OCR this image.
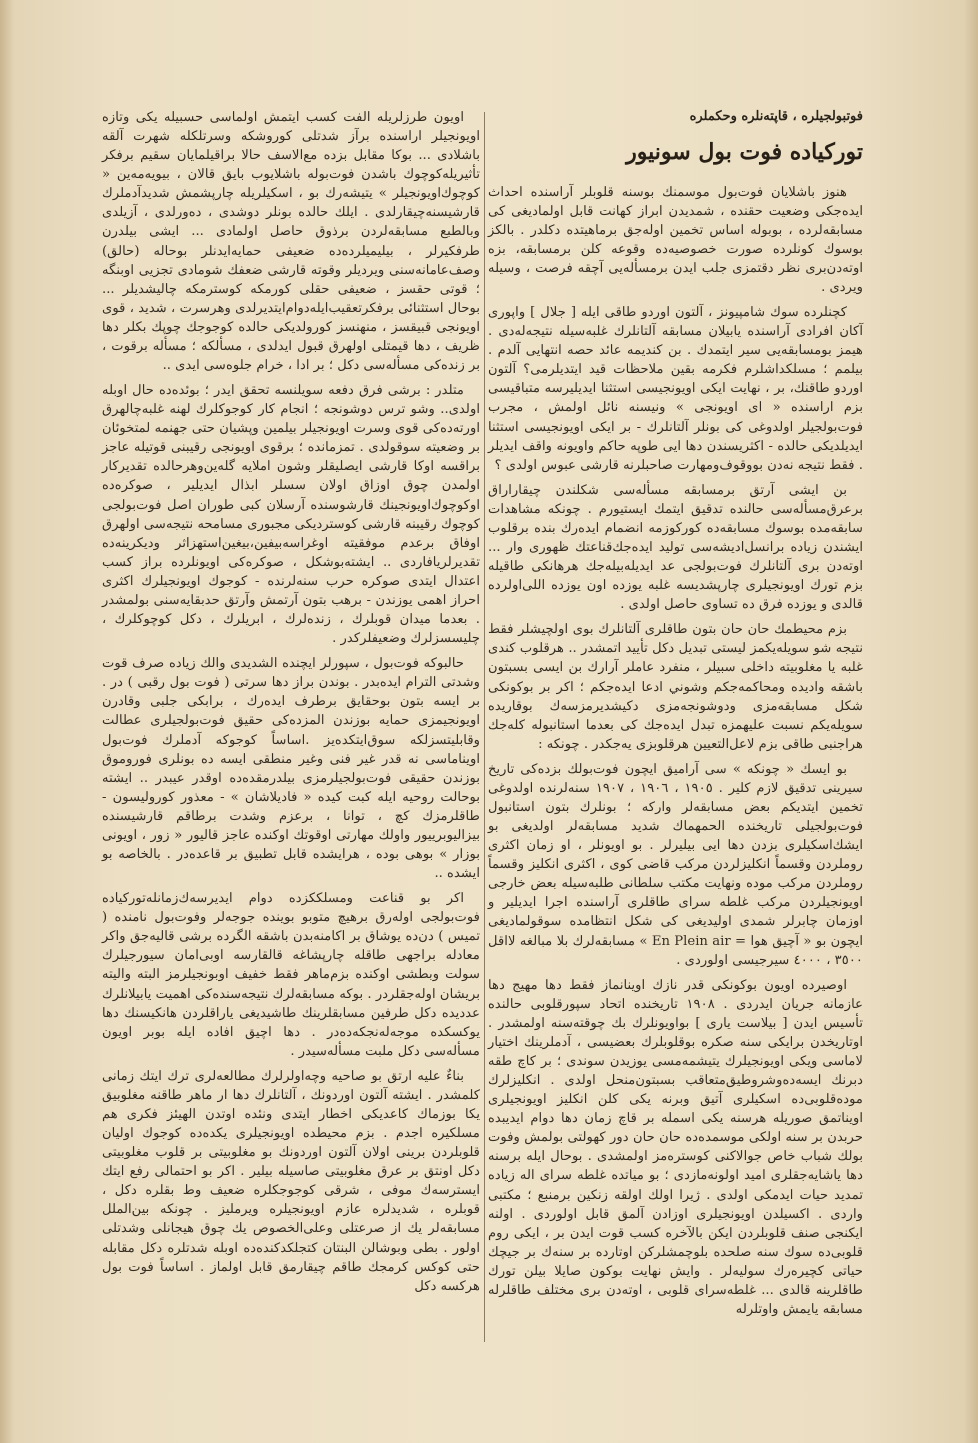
فوتبولجيلره ، قاپته‌نلره وحكملره
توركياده فوت بول سونيور

هنوز باشلايان فوت‌بول موسمنك بوسنه قلوبلر آراسنده احداث ايده‌جكى وضعيت حقنده ، شمديدن ابراز كهانت قابل اولماديغى كى مسابقه‌لرده ، بوبوله اساس تخمين اوله‌جق برماهيتده دكلدر . بالكز بوسوك كونلرده صورت خصوصيه‌ده وقوعه كلن برمسابقه، بزه اوته‌دن‌برى نظر دقتمزى جلب ايدن برمسأله‌يى آچقه فرصت ، وسيله ويردى .

كچنلرده سوك شامپيونز ، آلتون اوردو طاقى ايله [ جلال ] واپورى آكان افرادى آراسنده يابيلان مسابقه آلتانلرك غلبه‌سيله نتيجه‌له‌دى . هيمز بومسابقه‌يى سير ايتمدك . بن كنديمه عائد حصه انتهايى آلدم . بيلمم ؛ مسلكداشلرم فكرمه بقين ملاحظات قيد ايتديلرمى؟ آلتون اوردو طاقنك، بر ، نهايت ايكى اويونجيسى استثنا ايديليرسه متباقيسى بزم اراسنده « اى اويونجى » ونيسنه نائل اولمش ، مجرب فوت‌بولجيلر اولدوغى كى بونلر آلتانلرك - بر ايكى اويونجيسى استثنا ايديلديكى حالده - اكثريسندن دها ايى طوپه حاكم واويونه واقف ايديلر . فقط نتيجه نه‌دن بووقوف‌ومهارت صاحبلرنه قارشى عبوس اولدى ؟

بن ايشى آرتق برمسابقه مسأله‌سى شكلندن چيقاراراق برعرق‌مسأله‌سى حالنده تدقيق ايتمك ايستيورم . چونكه مشاهدات سابقه‌مده بوسوك مسابقه‌ده كوركوزمه انضمام ايده‌رك بنده برقلوب ايشندن زياده برانسل‌اديشه‌سى توليد ايده‌جك‌قناعتك ظهورى وار ... اوته‌دن برى آلتانلرك فوت‌بولجى عد ايديله‌بيله‌جك هرهانكى طاقيله بزم تورك اويونجيلرى چارپشديسه غلبه يوزده اون يوزده اللى‌اولرده قالدى و يوزده فرق ده تساوى حاصل اولدى .

بزم محيطمك حان حان بتون طاقلرى آلتانلرك بوى اولچيشلر فقط نتيجه شو سويله‌يكمز ليستى تبديل دكل تأييد اتمشدر .. هرقلوب كندى غلبه يا مغلوبيته داخلى سبيلر ، منفرد عاملر آرارك بن ايسى بسبتون باشقه واديده ومحاكمه‌جكم وشوني ادعا ايده‌جكم ؛ اكر بر بوكونكى شكل مسابقه‌مزى ودوشونجه‌مزى دكيشديرمزسه‌ك بوقاريده سويله‌يكم نسبت عليهمزه تبدل ايده‌جك كى بعدما استانبوله كله‌جك هراجنبى طاقى بزم لاعل‌التعيين هرقلوبزى يه‌جكدر . چونكه :

بو ايسك « چونكه » سى آراميق ايچون فوت‌بولك بزده‌كى تاريخ سيرينى تدقيق لازم كلير . ١٩٠٥ ، ١٩٠٦ ، ١٩٠٧ سنه‌لرنده اولدوغى تخمين ايتديكم بعض مسابقه‌لر واركه ؛ بونلرك بتون استانبول فوت‌بولجيلى تاريخنده الحمهماك شديد مسابقه‌لر اولديغى بو ايشك‌اسكيلرى بزدن دها ايى بيليرلر . بو اويونلر ، او زمان اكثرى روملردن وقسماً انكليزلردن مركب قاضى كوى ، اكثرى انكليز وقسماً روملردن مركب موده ونهايت مكتب سلطانى طلبه‌سيله بعض خارجى اويونجيلردن مركب غلطه سراى طاقلرى آراسنده اجرا ايديلير و اوزمان چابرلر شمدى اوليديغى كى شكل انتظامده سوقولماديغى ايچون بو « آچيق هوا = En Plein air » مسابقه‌لرك بلا مبالغه لااقل ٣٥٠٠ ، ٤٠٠٠ سيرجيسى اولوردى .

اوصيرده اويون بوكونكى قدر نازك اوينانماز فقط دها مهيج دها عازمانه جريان ايدردى . ١٩٠٨ تاريخنده اتحاد سپورقلوبى حالنده تأسيس ايدن [ بيلاست يارى ] بواويونلرك بك چوقته‌سنه اولمشدر . اوتاريخدن برايكى سنه صكره بوقلوبلرك بعضيسى ، آدملرينك اختيار لاماسى ويكى اويونجيلرك يتيشمه‌مسى يوزيدن سوندى ؛ بر كاچ طقه دبرنك ايسه‌ده‌وشروطيق‌متعاقب بسبتون‌منحل اولدى . انكليزلرك موده‌قلوبى‌ده اسكيلرى آتيق وبرنه يكى كلن انكليز اويونجيلرى اويناتمق صوريله هرسنه يكى اسمله بر قاچ زمان دها دوام ايديبده حربدن بر سنه اولكى موسمده‌ده حان حان دور كهولتى بولمش وفوت بولك شباب خاص جوالاكنى كوستره‌مز اولمشدى . بوحال ايله برسنه دها ياشايه‌جقلرى اميد اولونه‌مازدى ؛ بو مياتده غلطه سراى اله زياده تمديد حيات ايدمكى اولدى . ژيرا اولك اولقه زنكين برمنبع ؛ مكتبى واردى . اكسيلدن اويونجيلرى اوزادن آلمق قابل اولوردى . اولنه ايكنجى صنف قلوبلردن ايكن بالآخره كسب قوت ايدن بر ، ايكى روم قلوبى‌ده سوك سنه صلحده بلوچمشلركن اوتارده بر سنه‌ك بر جيچك حياتى كچيره‌رك سوليه‌لر . وايش نهايت بوكون صايلا بيلن تورك طاقلرينه قالدى ... غلطه‌سراى قلوبى ، اوته‌دن برى مختلف طاقلرله مسابقه يايمش واوتلرله

اويون طرزلريله الفت كسب ايتمش اولماسى حسبيله يكى وتازه اويونجيلر اراسنده برآز شدتلى كوروشكه وسرتلكله شهرت آلقه باشلادى ... بوكا مقابل بزده مع‌الاسف حالا براقيلمايان سقيم برفكر تأثيريله‌كوچوك باشدن فوت‌بوله باشلايوب بايق قالان ، بيويه‌مه‌ين « كوچوك‌اويونجيلر » يتيشه‌رك بو ، اسكيلريله چارپشمش شديد‌آدملرك قارشيسنه‌چيقارلدى . ايلك حالده بونلر دوشدى ، ده‌ورلدى ، آزيلدى وبالطبع مسابقه‌لردن برذوق حاصل اولمادى ... ايشى بيلدرن طرفكيرلر ، بيليميلرده‌ده ضعيفى حمايه‌ايدنلر بوحاله (حالق) وصف‌عامانه‌سنى ويرديلر وقوته قارشى ضعفك شومادى تجزيى اوبنگه ؛ قوتى حقسز ، ضعيفى حقلى كورمكه كوسترمكه چاليشديلر ... بوحال استثنائى برفكرتعقيب‌ايله‌دوام‌ايتديرلدى وهرسرت ، شديد ، قوى اويونجى قبيقسز ، منهنسز كورولديكى حالده كوجوجك چوپك بكلر دها ظريف ، دها قيمتلى اولهرق قبول ايدلدى ، مسألكه ؛ مسأله برقوت ، بر زنده‌كى مسأله‌سى دكل ؛ بر ادا ، خرام جلوه‌سى ايدى ..

متلدر : برشى فرق دفعه سويلنسه تحقق ايدر ؛ بوئده‌ده حال اوبله اولدى.. وشو ترس دوشونجه ؛ انجام كار كوجوكلرك لهنه غلبه‌چالهرق اورته‌ده‌كى قوى وسرت اويونجيلر بيلمين وپشيان حتى جهنمه لمتخوئان بر وضعيته سوقولدى . تمزمانده ؛ برقوى اويونجى رقيبنى قوتيله عاجز براقسه اوكا قارشى ايصليقلر وشون املايه گله‌ين‌وهرحالده تقديركار اولمدن چوق اوزاق اولان سسلر ابذال ايديلير ، صوكره‌ده اوكوچوك‌اويونجينك قارشوسنده آرسلان كبى طوران اصل فوت‌بولجى كوچوك رقيبنه قارشى كوسترديكى مجبورى مسامحه نتيجه‌سى اولهرق اوفاق برعدم موفقيته اوغراسه‌بيفين،بيغين‌استهزاثر وديكرينه‌ده تقديرلريافاردى .. ايشته‌بوشكل ، صوكره‌كى اويونلرده براز كسب اعتدال ايتدى صوكره حرب سنه‌لرنده - كوجوك اويونجيلرك اكثرى احراز اهمى يوزندن - برهب بتون آرتمش وآرتق حدبقايه‌سنى بولمشدر . بعدما ميدان قوبلرك ، زنده‌لرك ، ابريلرك ، دكل كوچوكلرك ، چليسسزلرك وضعيفلركدر .

حالبوكه فوت‌بول ، سپورلر ايچنده الشديدى والك زياده صرف قوت وشدتى الترام ايده‌بدر . بوندن براز دها سرتى ( فوت بول رقبى ) در . بر ايسه بتون بوحقايق برطرف ايده‌رك ، برابكى جلبى وقادرن اويونجيمزى حمايه بوزندن المزده‌كى حقيق فوت‌بولجيلرى عطالت وقابليتسزلكه سوق‌ايتكده‌يز .اساساً كوجوكه آدملرك فوت‌بول اويناماسى نه قدر غير فنى وغير منطقى ايسه ده بونلرى فوروموق بوزندن حقيقى فوت‌بولجيلرمزى بيلدرمقده‌ده اوقدر عيبدر .. ايشته بوحالت روحيه ايله كبت كيده « فاديلاشان » - معذور كوروليسون - طاقلرمزك كچ ، توانا ، برعزم وشدت برطاقم قارشيسنده بيزاليوبرييور واولك مهارتى اوقوتك اوكنده عاجز قاليور « زور ، اويونى بوزار » بوهى بوده ، هرايشده قابل تطبيق بر قاعده‌در . بالخاصه بو ايشده ..

اكر بو قناعت ومسلككزده دوام ايديرسه‌ك‌زمانله‌توركياده فوت‌بولجى اوله‌رق برهيچ متوبو بوينده جوجه‌لر وفوت‌بول نامنده ( تميس ) دن‌ده يوشاق بر اكامنه‌بدن باشقه الگرده برشى قاليه‌جق واكر معادله براجهى طاقله چارپشاغه قالقارسه اوبى‌امان سيورجيلرك سولت وبطشى اوكنده بزم‌ماهر فقط خفيف اوبونجيلرمز البته واليته بريشان اوله‌جقلردر . بوكه مسابقه‌لرك نتيجه‌سنده‌كى اهميت يابيلانلرك عدديده دكل طرفين مسابقلرينك طاشيديغى ياراقلردن هانكيسنك دها يوكسكده موجه‌له‌نجكه‌ده‌در . دها اچيق افاده ايله بوبر اويون مسأله‌سى دكل ملبت مسأله‌سيدر .

بناءٌ عليه ارتق بو صاحيه وچه‌اولرلرك مطالعه‌لرى ترك ايتك زمانى كلمشدر . ايشته آلتون اوردونك ، آلتانلرك دها ار ماهر طاقنه مغلوبيق يكا بوزماك كاعديكى اخطار ايتدى ونئده اوتدن الهيئز فكرى هم مسلكيره اجدم . بزم محيطده اويونجيلرى يكده‌ده كوجوك اوليان قلوبلردن برينى اولان آلتون اوردونك بو مغلوبيتى بر قلوب مغلوبيتى دكل اونتق بر عرق مغلوبيتى صاسيله بيلير . اكر بو احتمالى رفع ايتك ايسترسه‌ك موفى ، شرقى كوجوجكلره ضعيف وط بقلره دكل ، قوبلره ، شديدلره عازم اويونجيلره ويرمليز . چونكه بين‌الملل مسابقه‌لر يك از صرعتلى وعلى‌الخصوص يك چوق هيجانلى وشدتلى اولور . بطى وبوشالن البنتان كتجلكدكنده‌ده اوبله شدتلره دكل مقابله حتى كوكس كرمجك طاقم چيقارمق قابل اولماز . اساساً فوت بول هركسه دكل
